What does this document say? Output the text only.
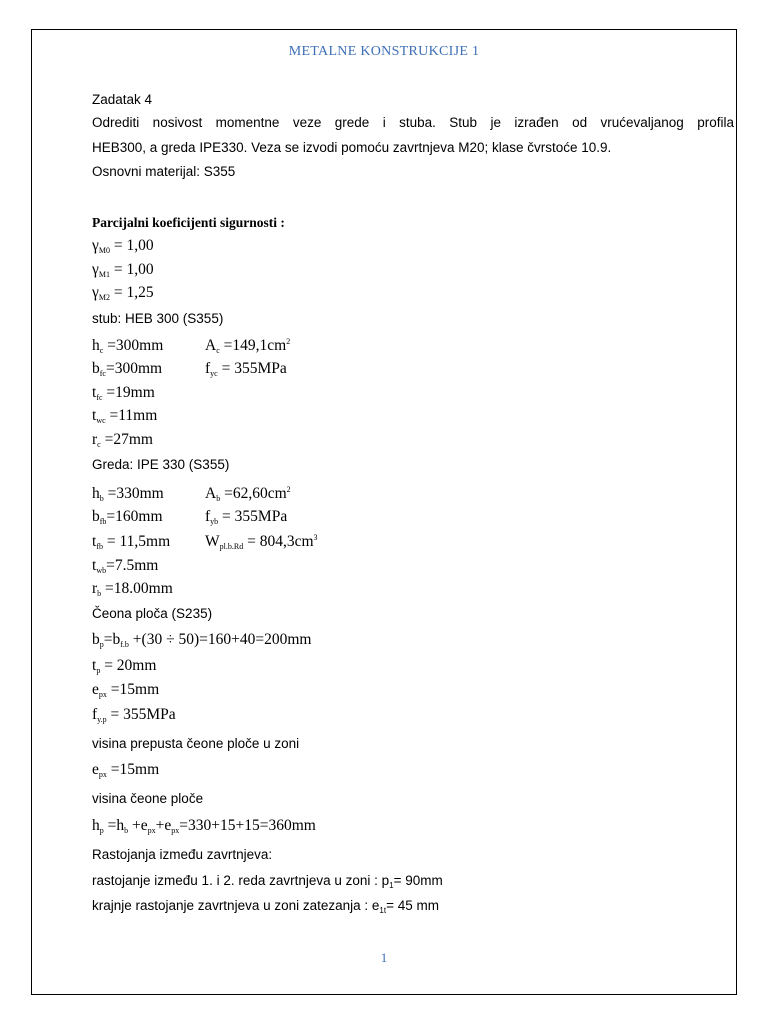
METALNE KONSTRUKCIJE 1
Zadatak 4
Odrediti nosivost momentne veze grede i stuba. Stub je izrađen od vrućevaljanog profila
HEB300, a greda IPE330. Veza se izvodi pomoću zavrtnjeva M20; klase čvrstoće 10.9.
Osnovni materijal: S355
Parcijalni koeficijenti sigurnosti :
$\gamma_{M0} = 1,00$
$\gamma_{M1} = 1,00$
$\gamma_{M2} = 1,25$
stub: HEB 300 (S355)
$h_c =300mm$	$A_c =149,1cm^2$
$b_{fc}=300mm$	$f_{yc} = 355MPa$
$t_{fc} =19mm$
$t_{wc} =11mm$
$r_c =27mm$
Greda: IPE 330 (S355)
$h_b =330mm$	$A_b =62,60cm^2$
$b_{fb}=160mm$	$f_{yb} = 355MPa$
$t_{fb} = 11,5mm$ $W_{pl.b.Rd} = 804,3cm^3$
$t_{wb}=7.5mm$
$r_b =18.00mm$
Čeona ploča (S235)
$b_p=b_{f.b} +(30 \div 50)=160+40=200mm$
$t_p = 20mm$
$e_{px} =15mm$
$f_{y.p} = 355MPa$
visina prepusta čeone ploče u zoni
$e_{px} =15mm$
visina čeone ploče
$h_p =h_b +e_{px}+e_{px}=330+15+15=360mm$
Rastojanja između zavrtnjeva:
rastojanje između 1. i 2. reda zavrtnjeva u zoni : $p_1= 90mm$
krajnje rastojanje zavrtnjeva u zoni zatezanja : $e_{1t}= 45$ mm
1
